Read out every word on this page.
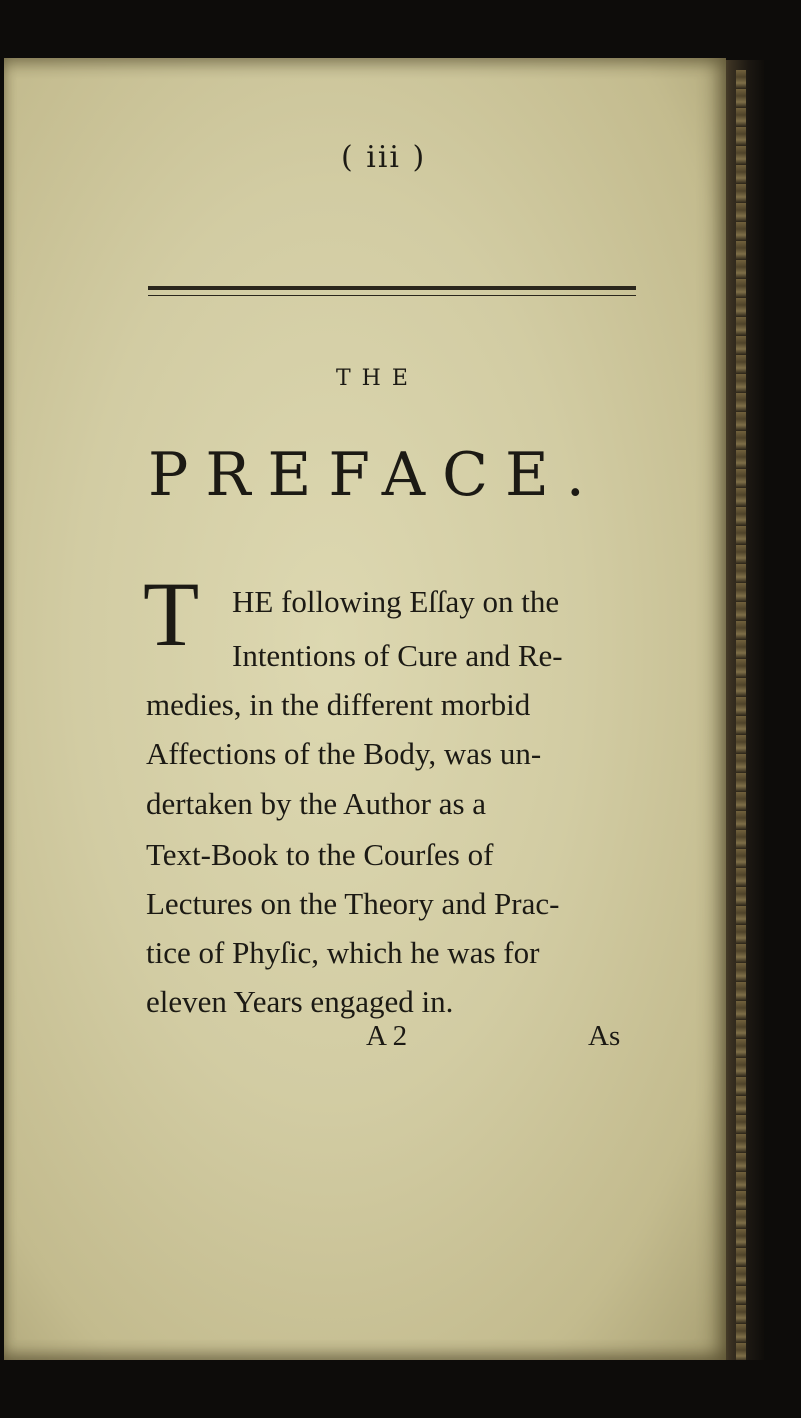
( iii )
THE
PREFACE.
T HE following Eſſay on the
Intentions of Cure and Re-
medies, in the different morbid
Affections of the Body, was un-
dertaken by the Author as a
Text-Book to the Courſes of
Lectures on the Theory and Prac-
tice of Phyſic, which he was for
eleven Years engaged in.
A 2	As
